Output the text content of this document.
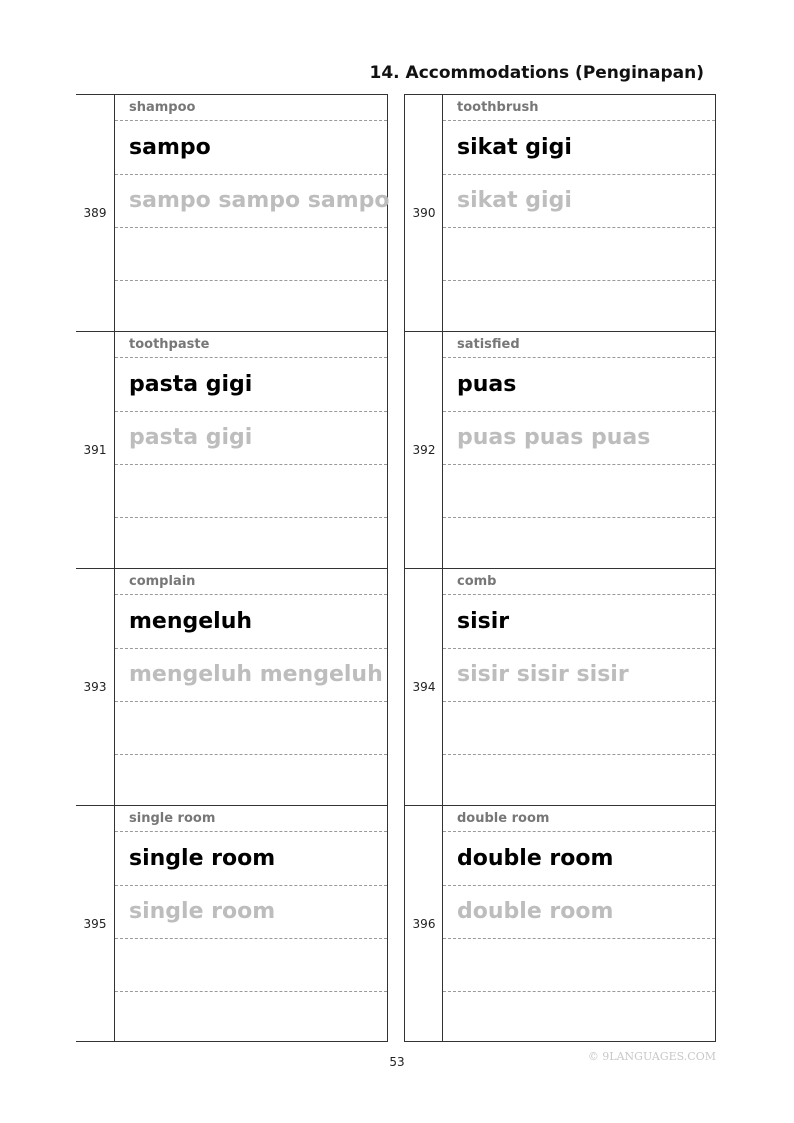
14. Accommodations (Penginapan)
389
shampoo
sampo
sampo sampo sampo
391
toothpaste
pasta gigi
pasta gigi
393
complain
mengeluh
mengeluh mengeluh
395
single room
single room
single room
390
toothbrush
sikat gigi
sikat gigi
392
satisfied
puas
puas puas puas
394
comb
sisir
sisir sisir sisir
396
double room
double room
double room
53	© 9LANGUAGES.COM
